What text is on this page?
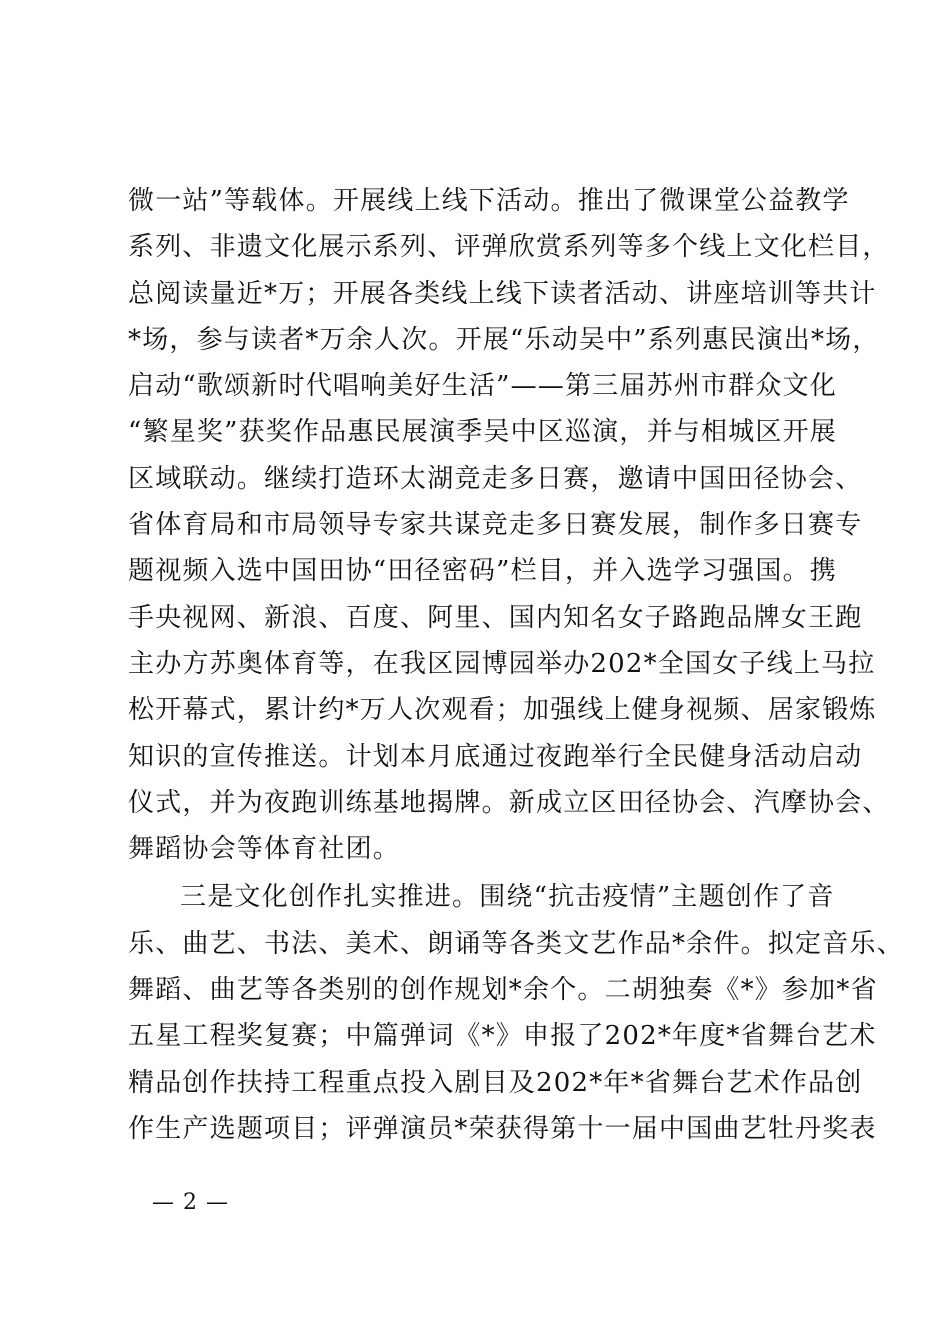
微一站”等载体。开展线上线下活动。推出了微课堂公益教学
系列、非遗文化展示系列、评弹欣赏系列等多个线上文化栏目，
总阅读量近*万；开展各类线上线下读者活动、讲座培训等共计
*场，参与读者*万余人次。开展“乐动吴中”系列惠民演出*场，
启动“歌颂新时代唱响美好生活”——第三届苏州市群众文化
“繁星奖”获奖作品惠民展演季吴中区巡演，并与相城区开展
区域联动。继续打造环太湖竞走多日赛，邀请中国田径协会、
省体育局和市局领导专家共谋竞走多日赛发展，制作多日赛专
题视频入选中国田协“田径密码”栏目，并入选学习强国。携
手央视网、新浪、百度、阿里、国内知名女子路跑品牌女王跑
主办方苏奥体育等，在我区园博园举办202*全国女子线上马拉
松开幕式，累计约*万人次观看；加强线上健身视频、居家锻炼
知识的宣传推送。计划本月底通过夜跑举行全民健身活动启动
仪式，并为夜跑训练基地揭牌。新成立区田径协会、汽摩协会、
舞蹈协会等体育社团。
三是文化创作扎实推进。围绕“抗击疫情”主题创作了音
乐、曲艺、书法、美术、朗诵等各类文艺作品*余件。拟定音乐、
舞蹈、曲艺等各类别的创作规划*余个。二胡独奏《*》参加*省
五星工程奖复赛；中篇弹词《*》申报了202*年度*省舞台艺术
精品创作扶持工程重点投入剧目及202*年*省舞台艺术作品创
作生产选题项目；评弹演员*荣获得第十一届中国曲艺牡丹奖表
— 2 —
